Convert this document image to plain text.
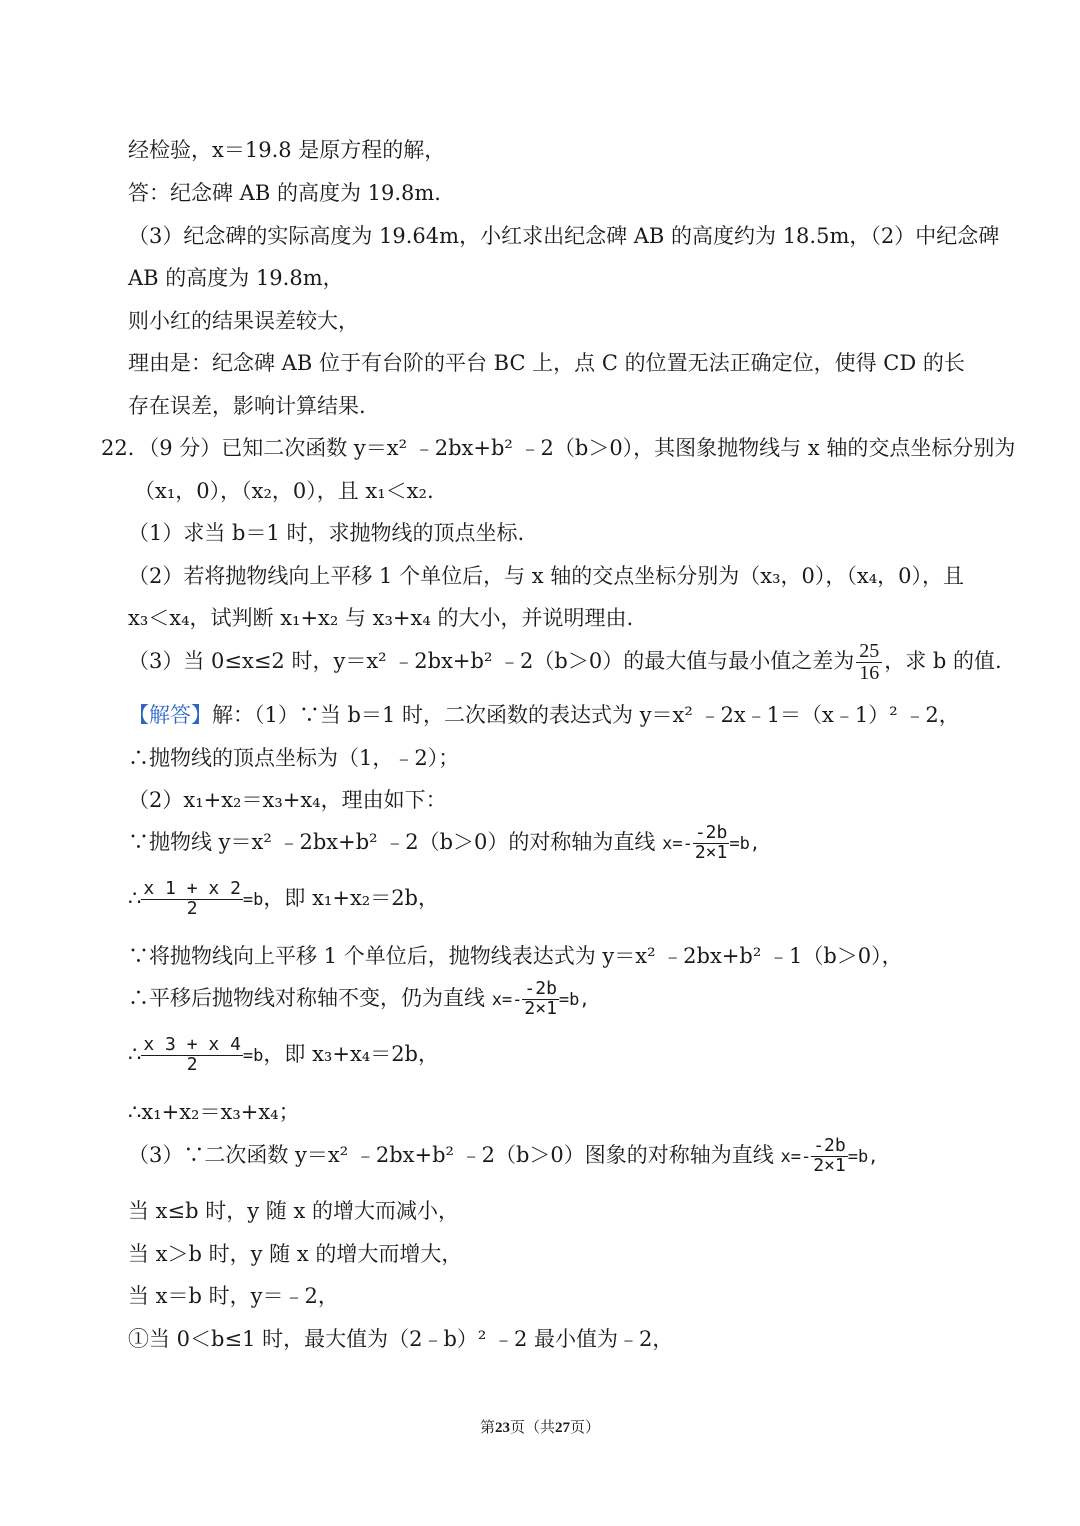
经检验，x＝19.8 是原方程的解，
答：纪念碑 AB 的高度为 19.8m.
（3）纪念碑的实际高度为 19.64m，小红求出纪念碑 AB 的高度约为 18.5m，（2）中纪念碑
AB 的高度为 19.8m，
则小红的结果误差较大，
理由是：纪念碑 AB 位于有台阶的平台 BC 上，点 C 的位置无法正确定位，使得 CD 的长
存在误差，影响计算结果.
22．（9 分）已知二次函数 y＝x² ﹣2bx+b² ﹣2（b＞0），其图象抛物线与 x 轴的交点坐标分别为
（x₁，0），（x₂，0），且 x₁＜x₂.
（1）求当 b＝1 时，求抛物线的顶点坐标.
（2）若将抛物线向上平移 1 个单位后，与 x 轴的交点坐标分别为（x₃，0），（x₄，0），且
x₃＜x₄，试判断 x₁+x₂ 与 x₃+x₄ 的大小，并说明理由.
（3）当 0≤x≤2 时，y＝x² ﹣2bx+b² ﹣2（b＞0）的最大值与最小值之差为 $\frac{25}{16}$ ，求 b 的值.
【解答】解：（1）∵当 b＝1 时，二次函数的表达式为 y＝x² ﹣2x﹣1＝（x﹣1）² ﹣2，
∴抛物线的顶点坐标为（1，﹣2）；
（2）x₁+x₂＝x₃+x₄，理由如下：
∵抛物线 y＝x² ﹣2bx+b² ﹣2（b＞0）的对称轴为直线 $x=- \frac{-2b}{2\times 1} =b$,
∴ $\frac{x 1 + x 2}{2} =b$，即 x₁+x₂＝2b，
∵将抛物线向上平移 1 个单位后，抛物线表达式为 y＝x² ﹣2bx+b² ﹣1（b＞0），
∴平移后抛物线对称轴不变，仍为直线 $x=- \frac{-2b}{2\times 1} =b$,
∴ $\frac{x 3 + x 4}{2} =b$，即 x₃+x₄＝2b，
∴x₁+x₂＝x₃+x₄；
（3）∵二次函数 y＝x² ﹣2bx+b² ﹣2（b＞0）图象的对称轴为直线 $x=- \frac{-2b}{2\times 1} =b$,
当 x≤b 时，y 随 x 的增大而减小，
当 x＞b 时，y 随 x 的增大而增大，
当 x＝b 时，y＝﹣2，
①当 0＜b≤1 时，最大值为（2﹣b）² ﹣2 最小值为﹣2，
第23页（共27页）
